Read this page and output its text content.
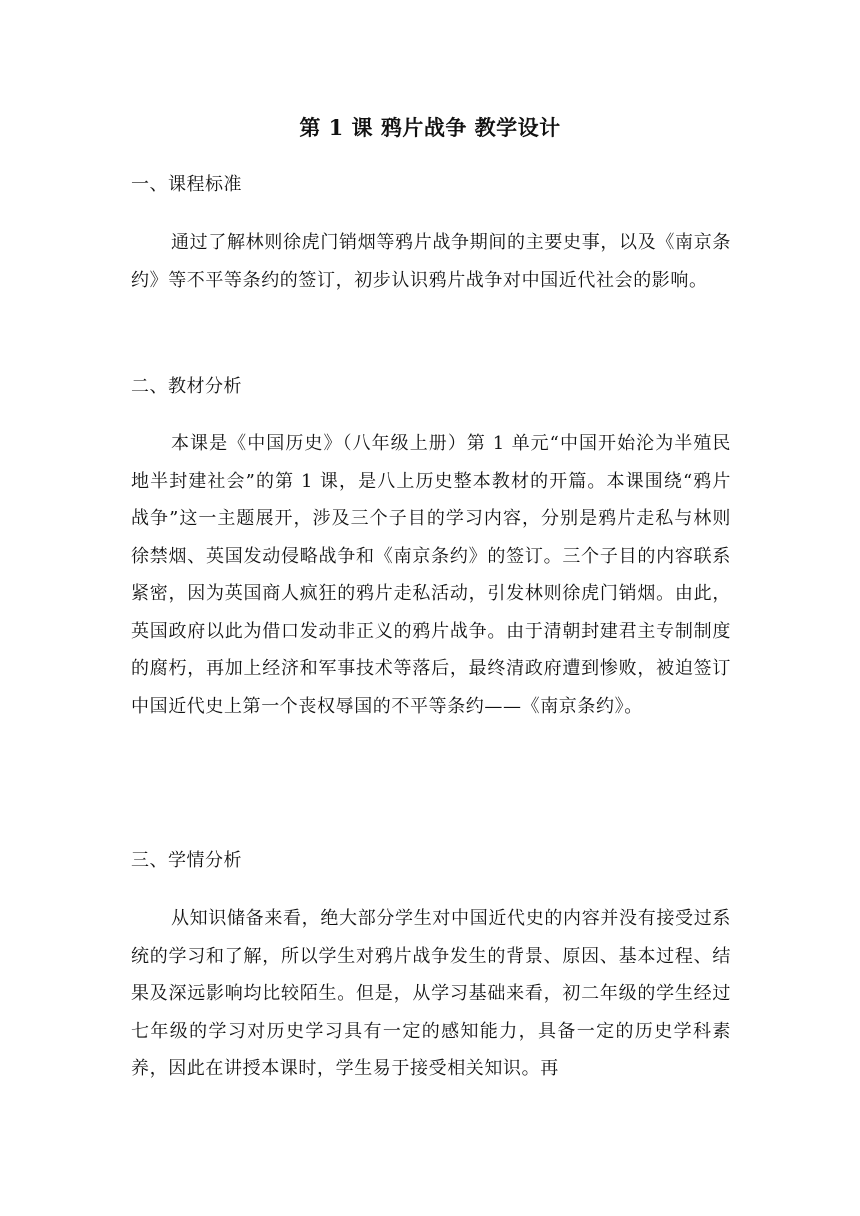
第 1 课 鸦片战争 教学设计
一、课程标准
通过了解林则徐虎门销烟等鸦片战争期间的主要史事，以及《南京条约》等不平等条约的签订，初步认识鸦片战争对中国近代社会的影响。
二、教材分析
本课是《中国历史》（八年级上册）第 1 单元“中国开始沦为半殖民地半封建社会”的第 1 课，是八上历史整本教材的开篇。本课围绕“鸦片战争”这一主题展开，涉及三个子目的学习内容，分别是鸦片走私与林则徐禁烟、英国发动侵略战争和《南京条约》的签订。三个子目的内容联系紧密，因为英国商人疯狂的鸦片走私活动，引发林则徐虎门销烟。由此，英国政府以此为借口发动非正义的鸦片战争。由于清朝封建君主专制制度的腐朽，再加上经济和军事技术等落后，最终清政府遭到惨败，被迫签订中国近代史上第一个丧权辱国的不平等条约——《南京条约》。
三、学情分析
从知识储备来看，绝大部分学生对中国近代史的内容并没有接受过系统的学习和了解，所以学生对鸦片战争发生的背景、原因、基本过程、结果及深远影响均比较陌生。但是，从学习基础来看，初二年级的学生经过七年级的学习对历史学习具有一定的感知能力，具备一定的历史学科素养，因此在讲授本课时，学生易于接受相关知识。再
